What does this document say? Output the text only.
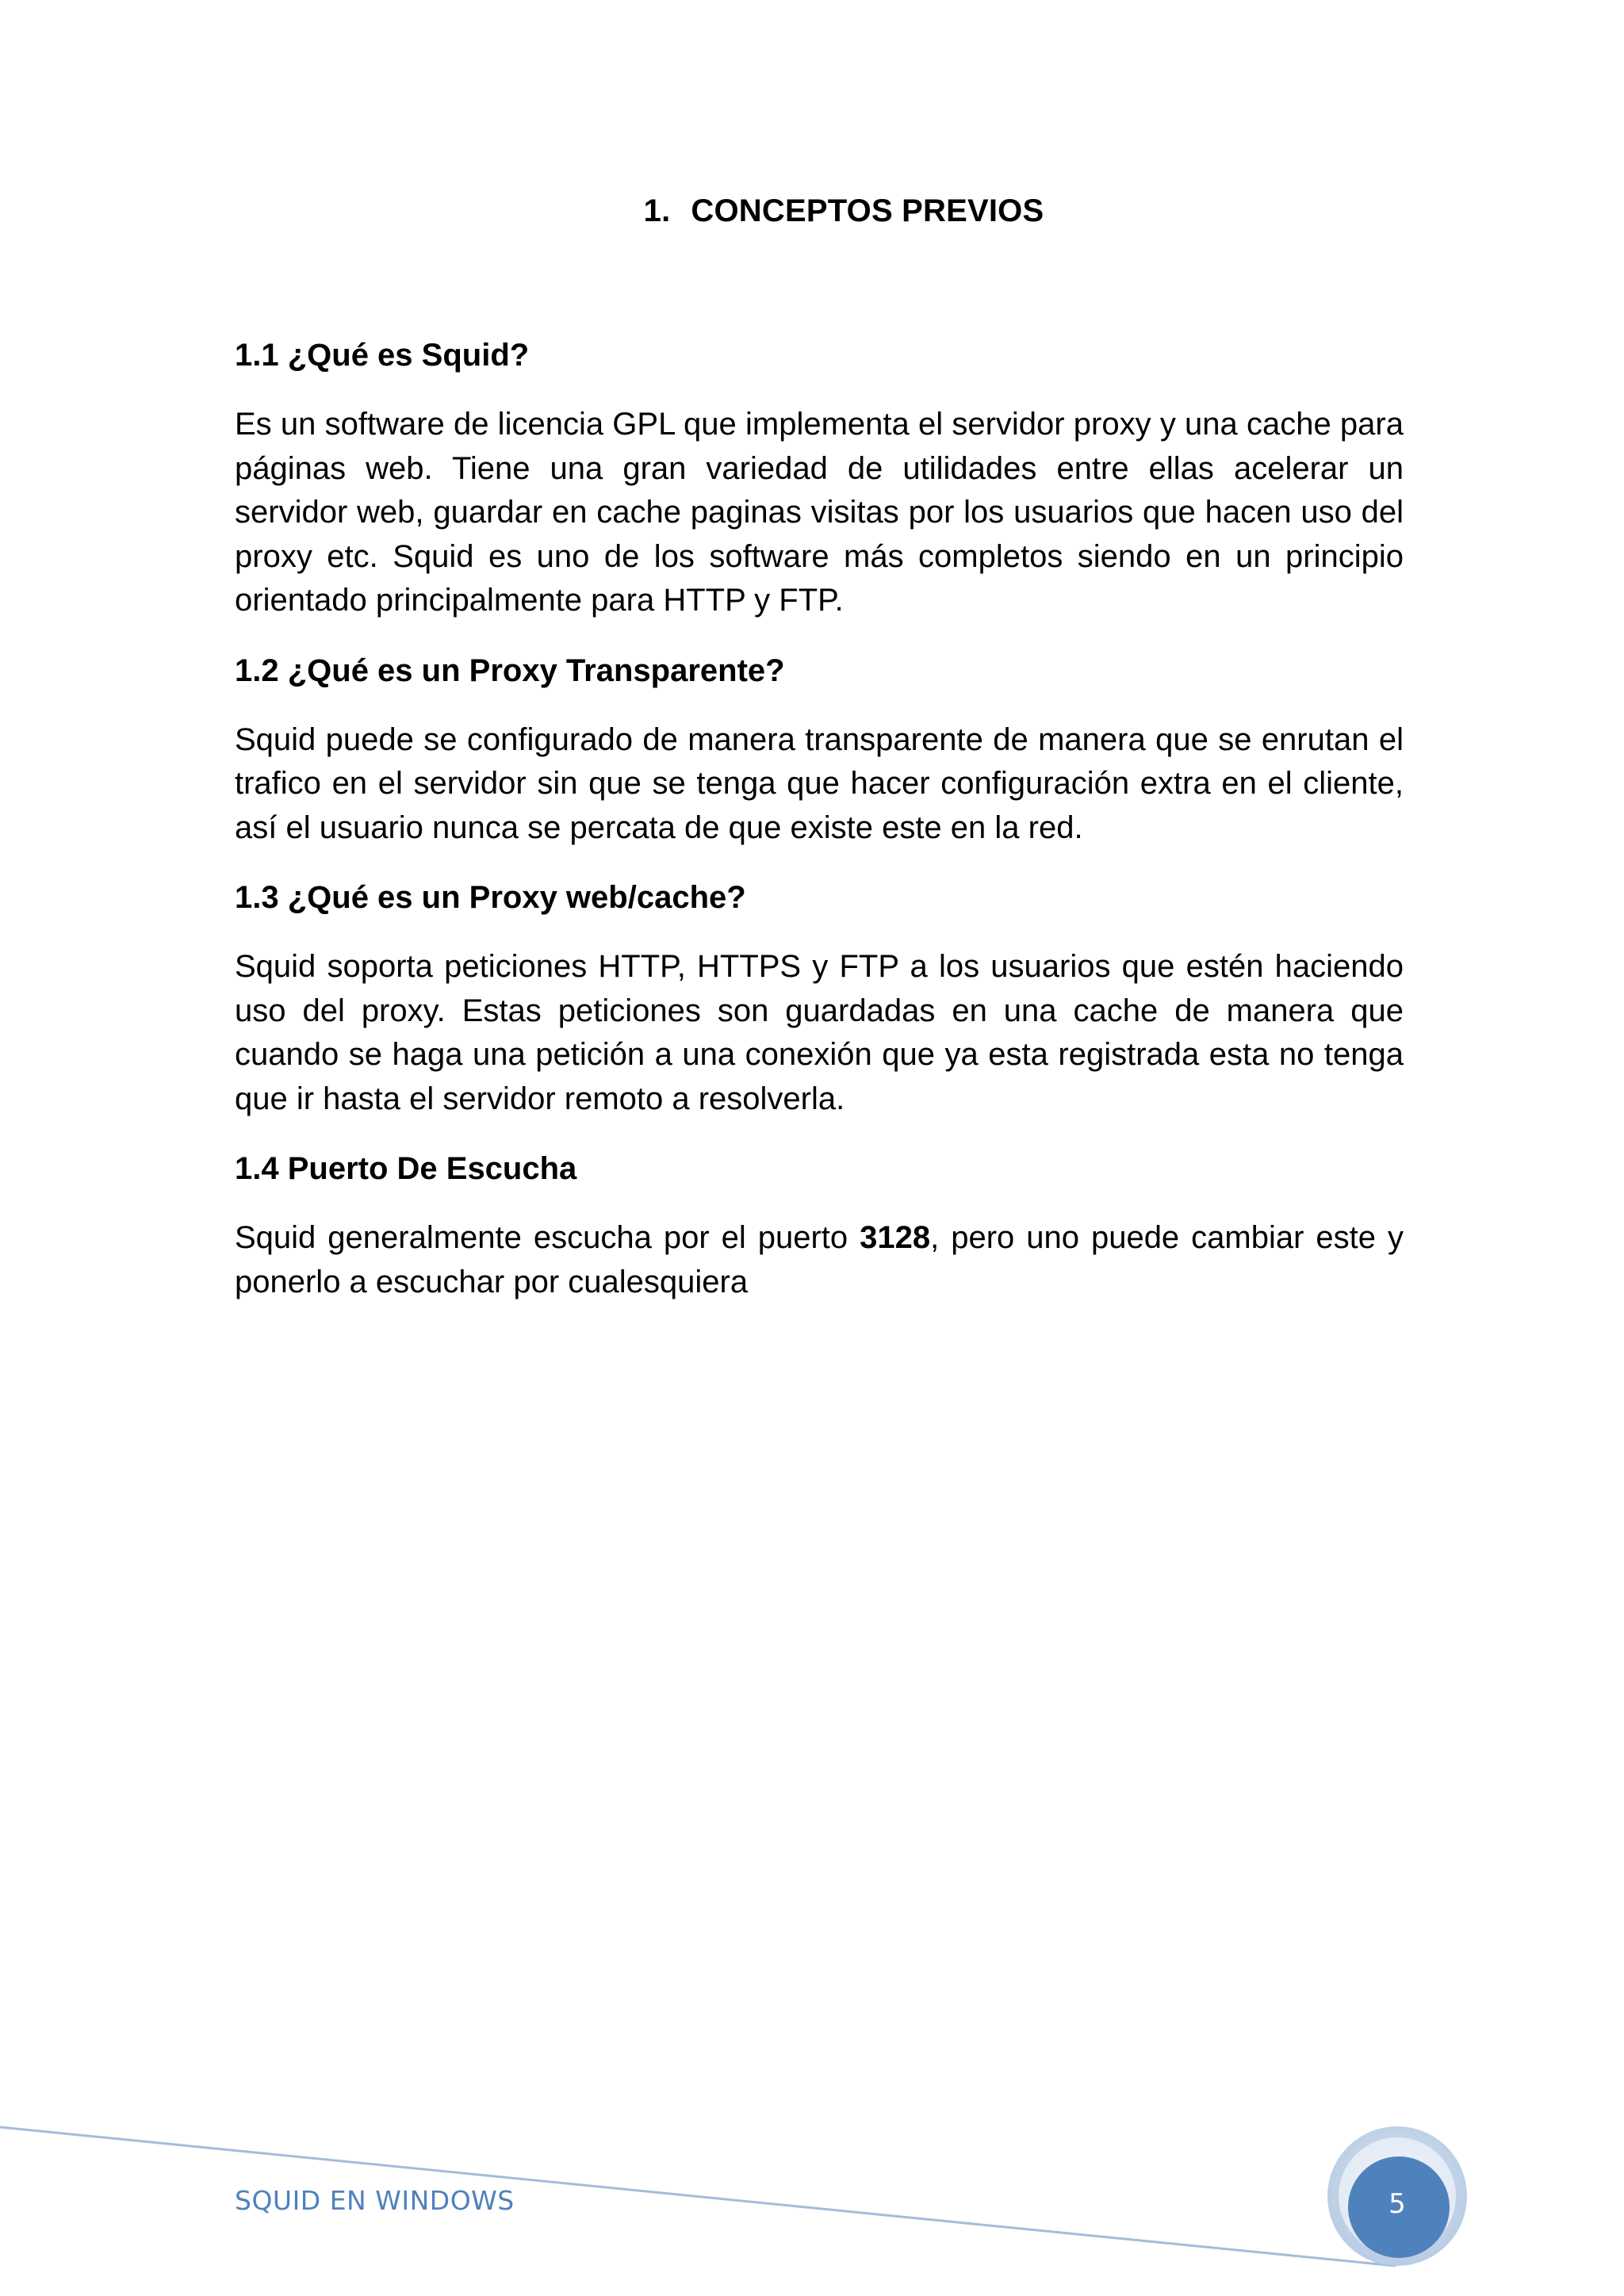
1. CONCEPTOS PREVIOS
1.1 ¿Qué es Squid?

Es un software de licencia GPL que implementa el servidor proxy y una cache para páginas web. Tiene una gran variedad de utilidades entre ellas acelerar un servidor web, guardar en cache paginas visitas por los usuarios que hacen uso del proxy etc. Squid es uno de los software más completos siendo en un principio orientado principalmente para HTTP y FTP.

1.2 ¿Qué es un Proxy Transparente?

Squid puede se configurado de manera transparente de manera que se enrutan el trafico en el servidor sin que se tenga que hacer configuración extra en el cliente, así el usuario nunca se percata de que existe este en la red.

1.3 ¿Qué es un Proxy web/cache?

Squid soporta peticiones HTTP, HTTPS y FTP a los usuarios que estén haciendo uso del proxy. Estas peticiones son guardadas en una cache de manera que cuando se haga una petición a una conexión que ya esta registrada esta no tenga que ir hasta el servidor remoto a resolverla.

1.4 Puerto De Escucha

Squid generalmente escucha por el puerto 3128, pero uno puede cambiar este y ponerlo a escuchar por cualesquiera

SQUID EN WINDOWS	5
